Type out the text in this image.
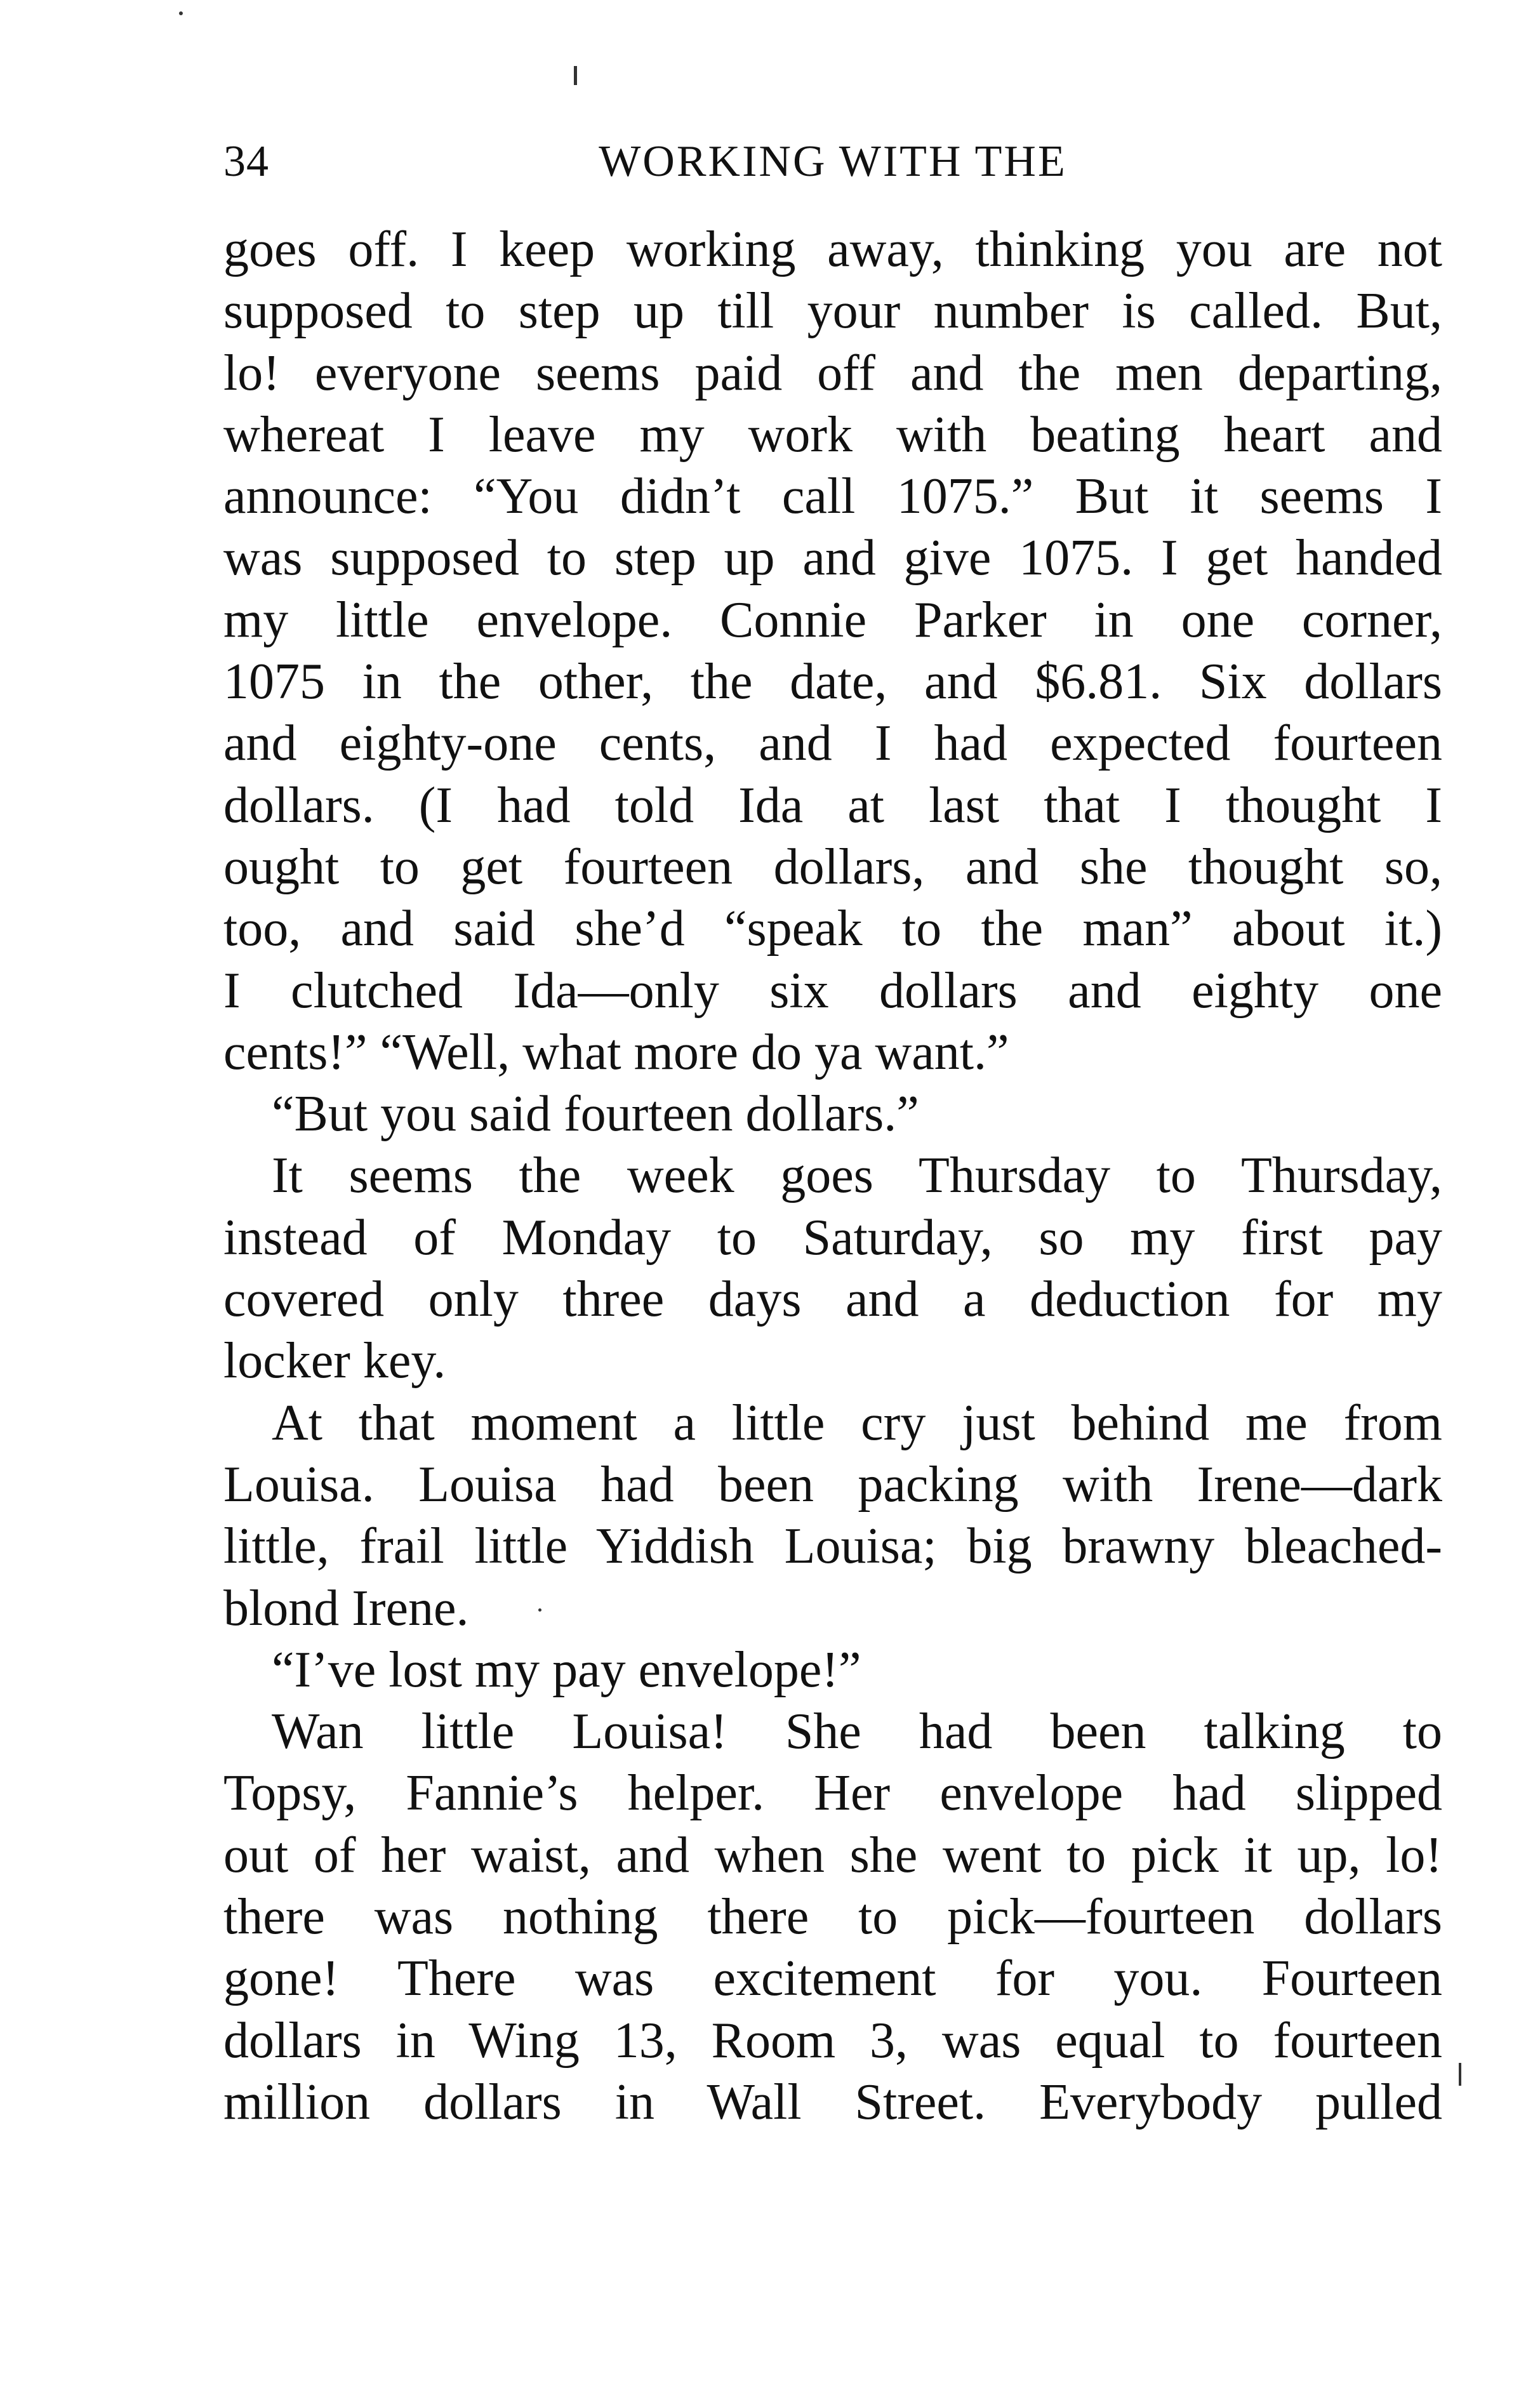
34	WORKING WITH THE
goes off. I keep working away, thinking you are not
supposed to step up till your number is called. But,
lo! everyone seems paid off and the men departing,
whereat I leave my work with beating heart and
announce: “You didn’t call 1075.” But it seems I
was supposed to step up and give 1075. I get handed
my little envelope. Connie Parker in one corner,
1075 in the other, the date, and $6.81. Six dollars
and eighty-one cents, and I had expected fourteen
dollars. (I had told Ida at last that I thought I
ought to get fourteen dollars, and she thought so,
too, and said she’d “speak to the man” about it.)
I clutched Ida—only six dollars and eighty one
cents!” “Well, what more do ya want.”
“But you said fourteen dollars.”
It seems the week goes Thursday to Thursday,
instead of Monday to Saturday, so my first pay
covered only three days and a deduction for my
locker key.
At that moment a little cry just behind me from
Louisa. Louisa had been packing with Irene—dark
little, frail little Yiddish Louisa; big brawny bleached-
blond Irene.
“I’ve lost my pay envelope!”
Wan little Louisa! She had been talking to
Topsy, Fannie’s helper. Her envelope had slipped
out of her waist, and when she went to pick it up, lo!
there was nothing there to pick—fourteen dollars
gone! There was excitement for you. Fourteen
dollars in Wing 13, Room 3, was equal to fourteen
million dollars in Wall Street. Everybody pulled
